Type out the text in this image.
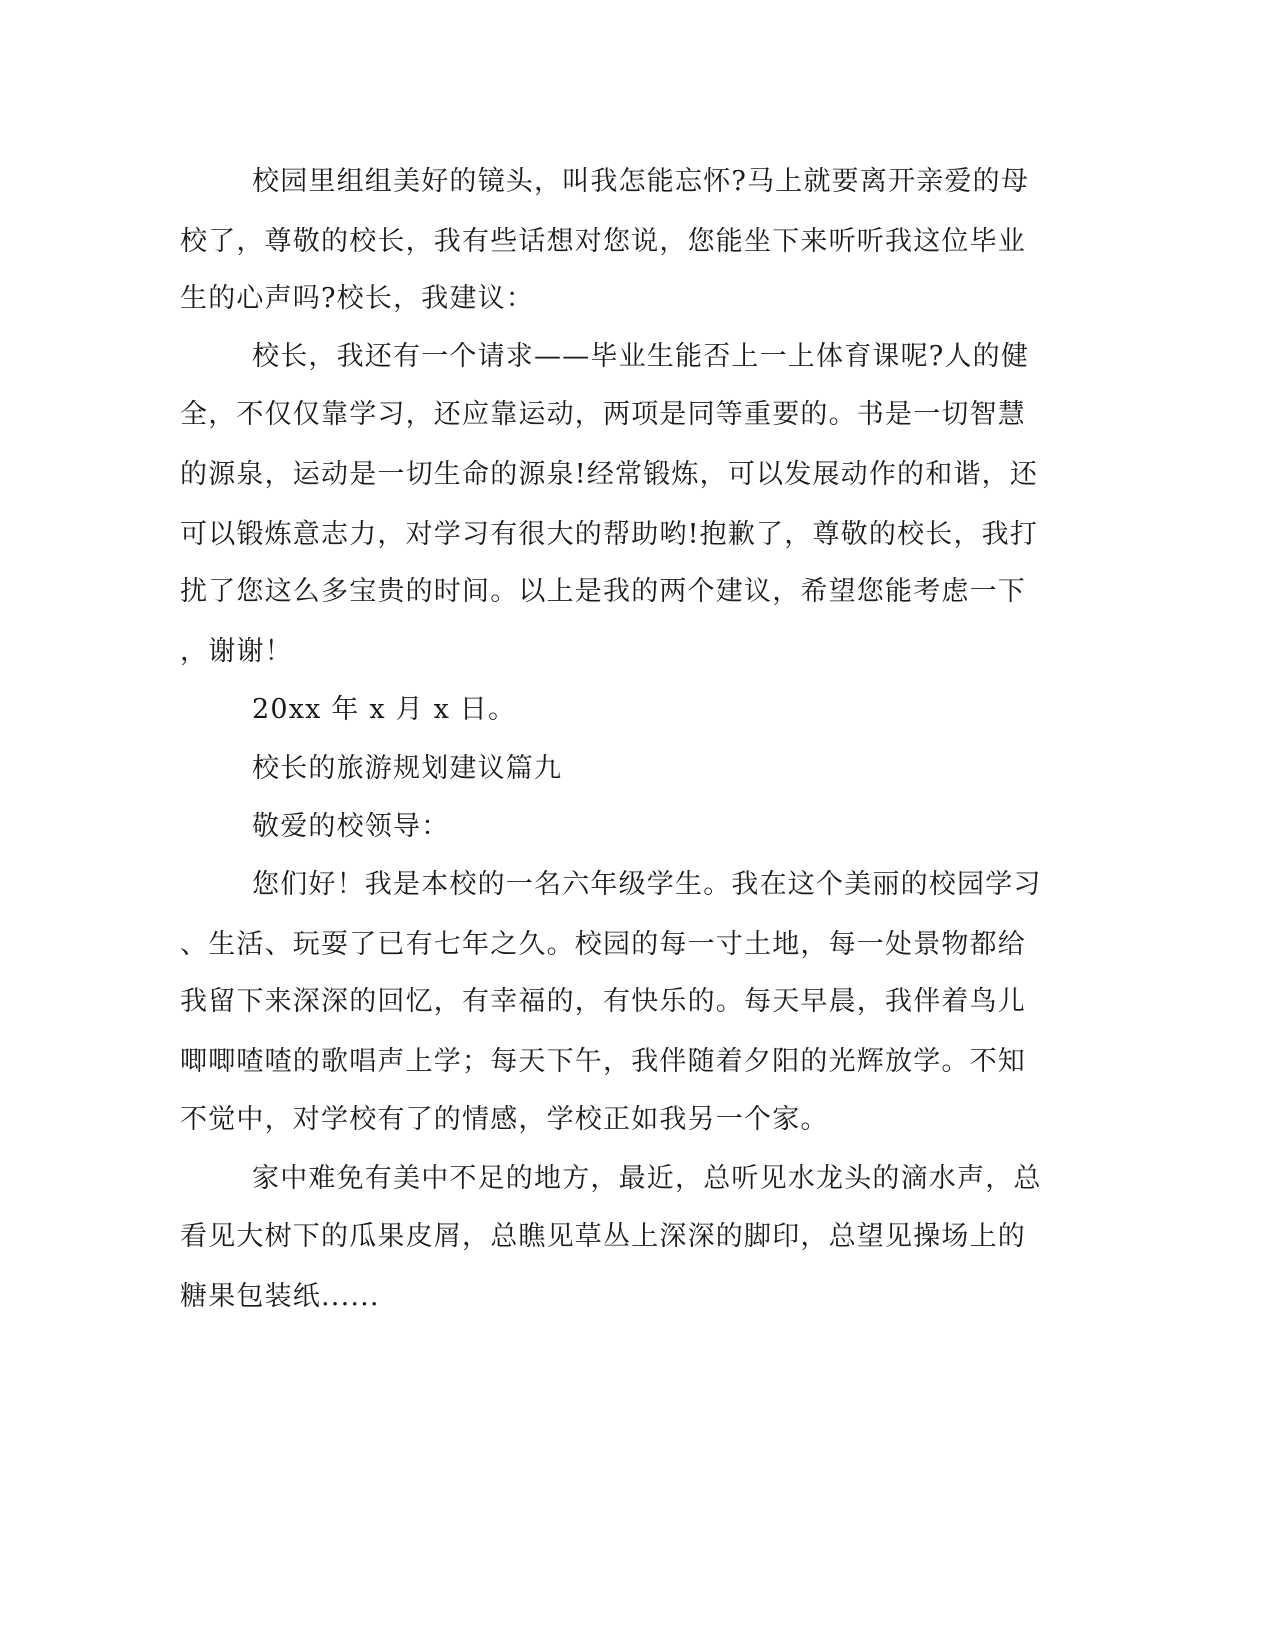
校园里组组美好的镜头，叫我怎能忘怀?马上就要离开亲爱的母

校了，尊敬的校长，我有些话想对您说，您能坐下来听听我这位毕业

生的心声吗?校长，我建议：

校长，我还有一个请求——毕业生能否上一上体育课呢?人的健

全，不仅仅靠学习，还应靠运动，两项是同等重要的。书是一切智慧

的源泉，运动是一切生命的源泉!经常锻炼，可以发展动作的和谐，还

可以锻炼意志力，对学习有很大的帮助哟!抱歉了，尊敬的校长，我打

扰了您这么多宝贵的时间。以上是我的两个建议，希望您能考虑一下

，谢谢！

20xx 年 x 月 x 日。

校长的旅游规划建议篇九

敬爱的校领导：

您们好！我是本校的一名六年级学生。我在这个美丽的校园学习

、生活、玩耍了已有七年之久。校园的每一寸土地，每一处景物都给

我留下来深深的回忆，有幸福的，有快乐的。每天早晨，我伴着鸟儿

唧唧喳喳的歌唱声上学；每天下午，我伴随着夕阳的光辉放学。不知

不觉中，对学校有了的情感，学校正如我另一个家。

家中难免有美中不足的地方，最近，总听见水龙头的滴水声，总

看见大树下的瓜果皮屑，总瞧见草丛上深深的脚印，总望见操场上的

糖果包装纸......
